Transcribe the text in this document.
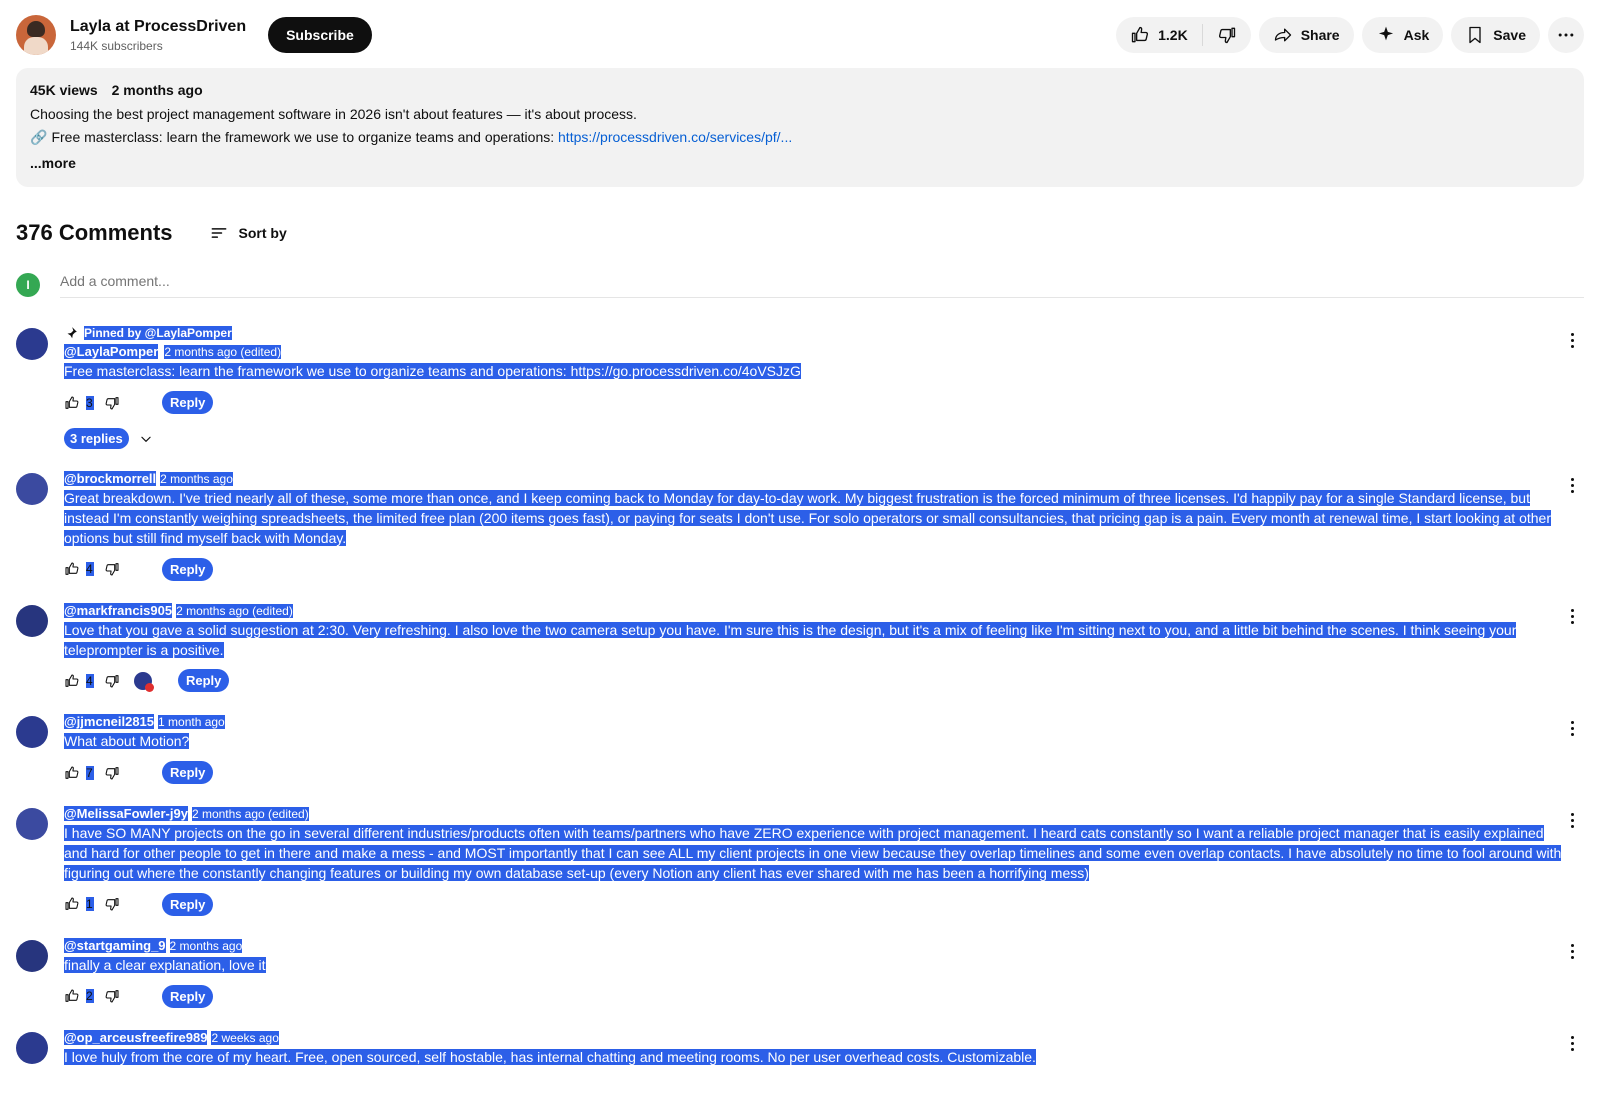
Layla at ProcessDriven
144K subscribers
Subscribe	1.2K	Share	Ask	Save
45K views 2 months ago
Choosing the best project management software in 2026 isn't about features — it's about process.
🔗 Free masterclass: learn the framework we use to organize teams and operations: https://processdriven.co/services/pf/...
...more
376 Comments	Sort by
I
Add a comment...
Pinned by @LaylaPomper
@LaylaPomper 2 months ago (edited)
Free masterclass: learn the framework we use to organize teams and operations: https://go.processdriven.co/4oVSJzG
3	Reply
3 replies
@brockmorrell 2 months ago
Great breakdown. I've tried nearly all of these, some more than once, and I keep coming back to Monday for day-to-day work. My biggest frustration is the forced minimum of three licenses. I'd happily pay for a single Standard license, but instead I'm constantly weighing spreadsheets, the limited free plan (200 items goes fast), or paying for seats I don't use. For solo operators or small consultancies, that pricing gap is a pain. Every month at renewal time, I start looking at other options but still find myself back with Monday.
4	Reply
@markfrancis905 2 months ago (edited)
Love that you gave a solid suggestion at 2:30. Very refreshing. I also love the two camera setup you have. I'm sure this is the design, but it's a mix of feeling like I'm sitting next to you, and a little bit behind the scenes. I think seeing your teleprompter is a positive.
4	Reply
@jjmcneil2815 1 month ago
What about Motion?
7	Reply
@MelissaFowler-j9y 2 months ago (edited)
I have SO MANY projects on the go in several different industries/products often with teams/partners who have ZERO experience with project management. I heard cats constantly so I want a reliable project manager that is easily explained and hard for other people to get in there and make a mess - and MOST importantly that I can see ALL my client projects in one view because they overlap timelines and some even overlap contacts. I have absolutely no time to fool around with figuring out where the constantly changing features or building my own database set-up (every Notion any client has ever shared with me has been a horrifying mess)
1	Reply
@startgaming_9 2 months ago
finally a clear explanation, love it
2	Reply
@op_arceusfreefire989 2 weeks ago
I love huly from the core of my heart. Free, open sourced, self hostable, has internal chatting and meeting rooms. No per user overhead costs. Customizable.
